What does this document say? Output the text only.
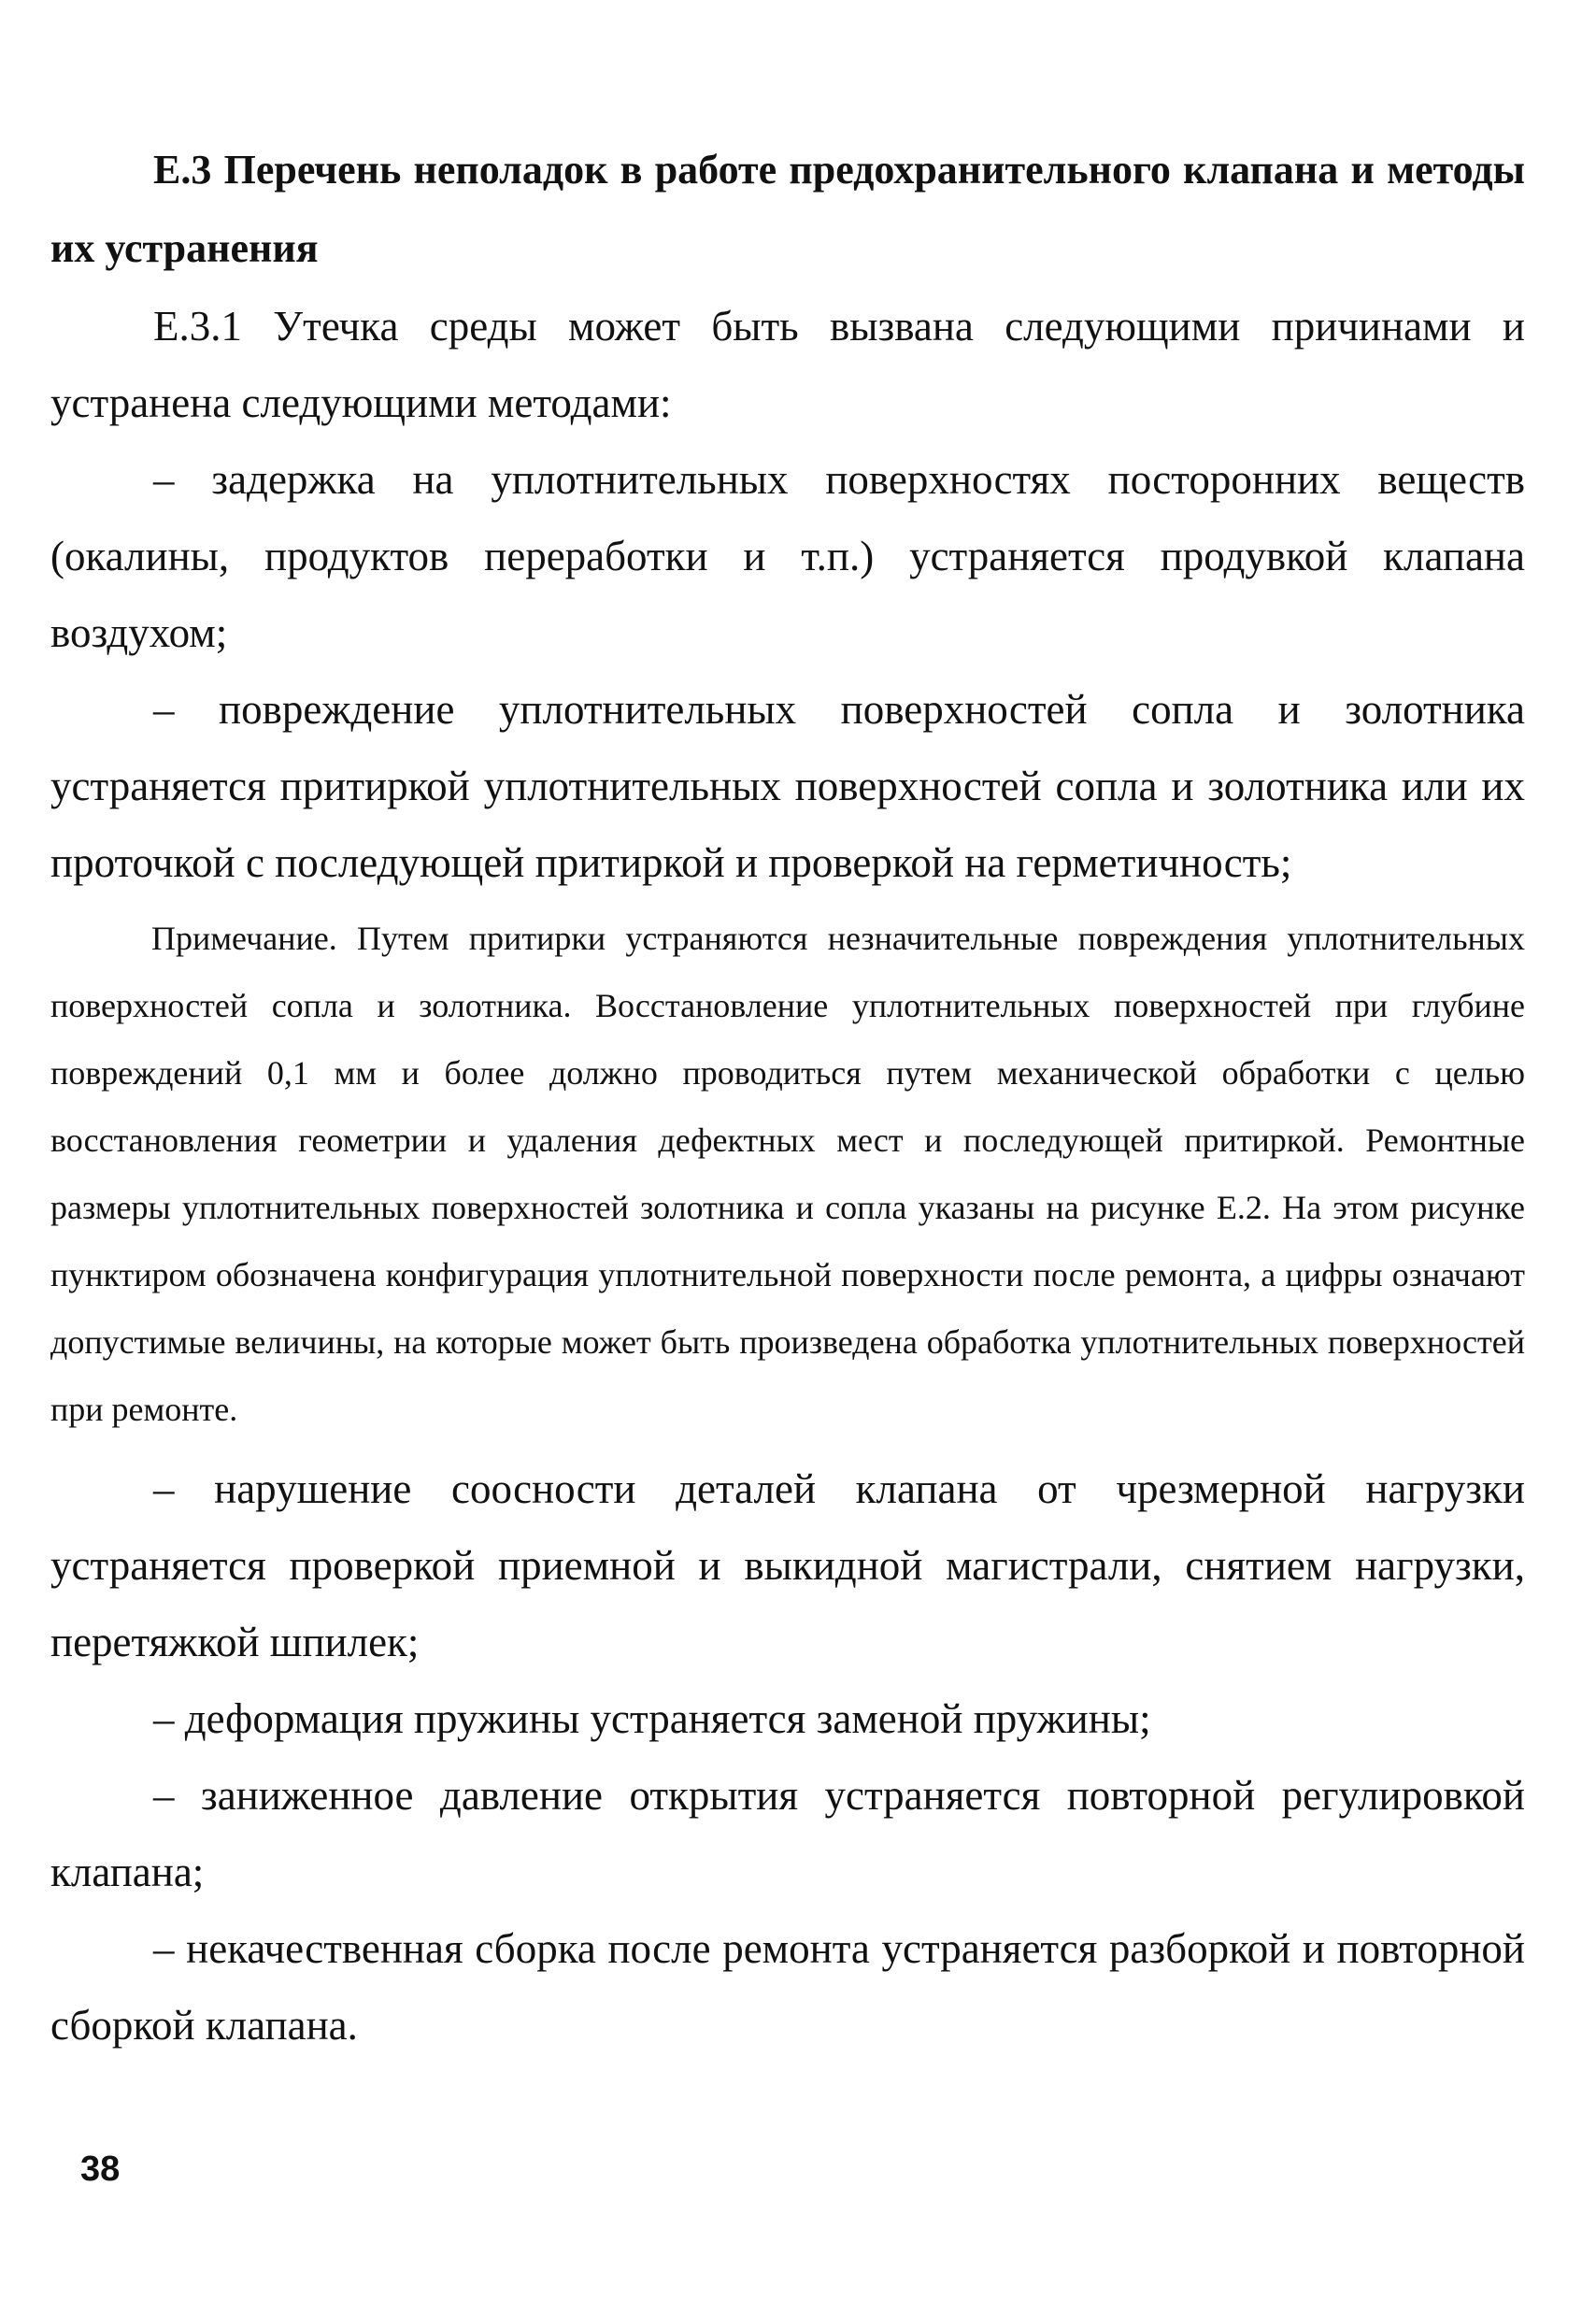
Е.3 Перечень неполадок в работе предохранительного клапана и методы их устранения

Е.3.1 Утечка среды может быть вызвана следующими причинами и устранена следующими методами:

– задержка на уплотнительных поверхностях посторонних веществ (окалины, продуктов переработки и т.п.) устраняется продувкой клапана воздухом;

– повреждение уплотнительных поверхностей сопла и золотника устраняется притиркой уплотнительных поверхностей сопла и золотника или их проточкой с последующей притиркой и проверкой на герметичность;

Примечание. Путем притирки устраняются незначительные повреждения уплотнительных поверхностей сопла и золотника. Восстановление уплотнительных поверхностей при глубине повреждений 0,1 мм и более должно проводиться путем механической обработки с целью восстановления геометрии и удаления дефектных мест и последующей притиркой. Ремонтные размеры уплотнительных поверхностей золотника и сопла указаны на рисунке Е.2. На этом рисунке пунктиром обозначена конфигурация уплотнительной поверхности после ремонта, а цифры означают допустимые величины, на которые может быть произведена обработка уплотнительных поверхностей при ремонте.

– нарушение соосности деталей клапана от чрезмерной нагрузки устраняется проверкой приемной и выкидной магистрали, снятием нагрузки, перетяжкой шпилек;

– деформация пружины устраняется заменой пружины;

– заниженное давление открытия устраняется повторной регулировкой клапана;

– некачественная сборка после ремонта устраняется разборкой и повторной сборкой клапана.

38
